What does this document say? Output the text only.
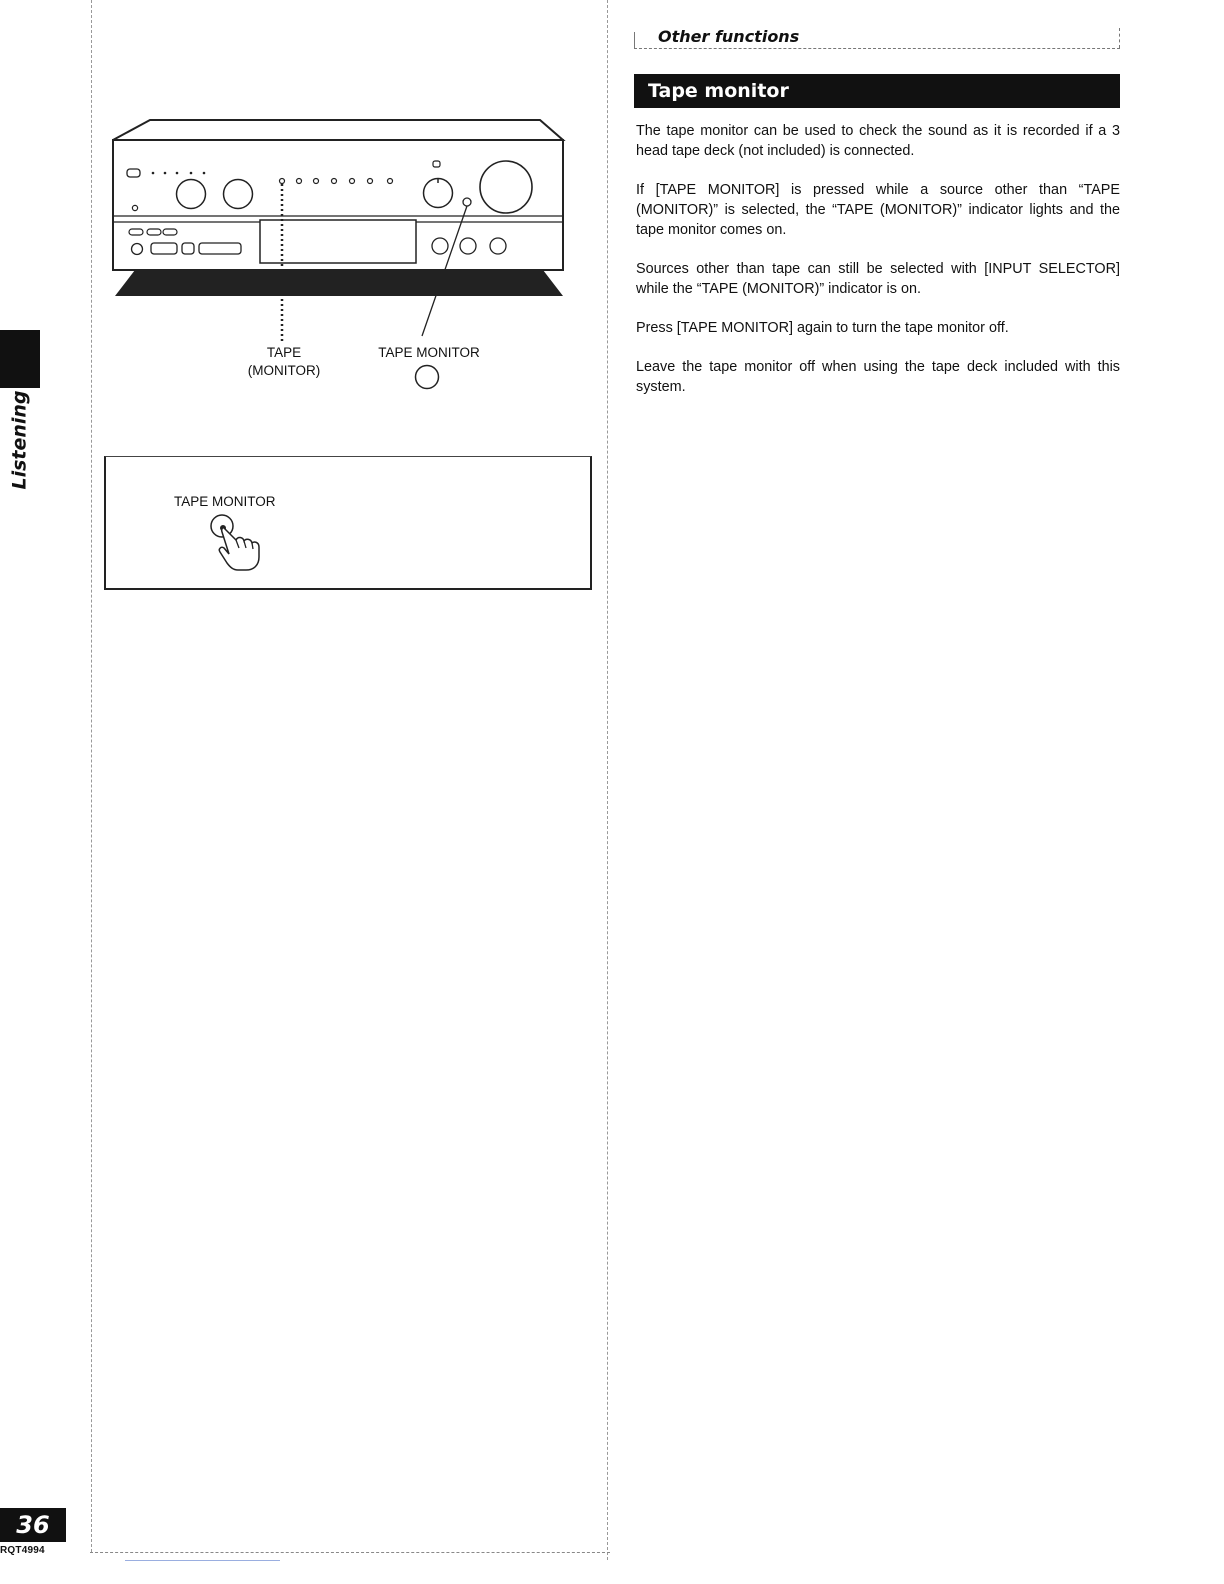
Listening
36
RQT4994
Other functions
Tape monitor

The tape monitor can be used to check the sound as it is recorded if a 3 head tape deck (not included) is connected.

If [TAPE MONITOR] is pressed while a source other than “TAPE (MONITOR)” is selected, the “TAPE (MONITOR)” indicator lights and the tape monitor comes on.

Sources other than tape can still be selected with [INPUT SELECTOR] while the “TAPE (MONITOR)” indicator is on.

Press [TAPE MONITOR] again to turn the tape monitor off.

Leave the tape monitor off when using the tape deck included with this system.

TAPE
(MONITOR)
TAPE MONITOR
TAPE MONITOR
